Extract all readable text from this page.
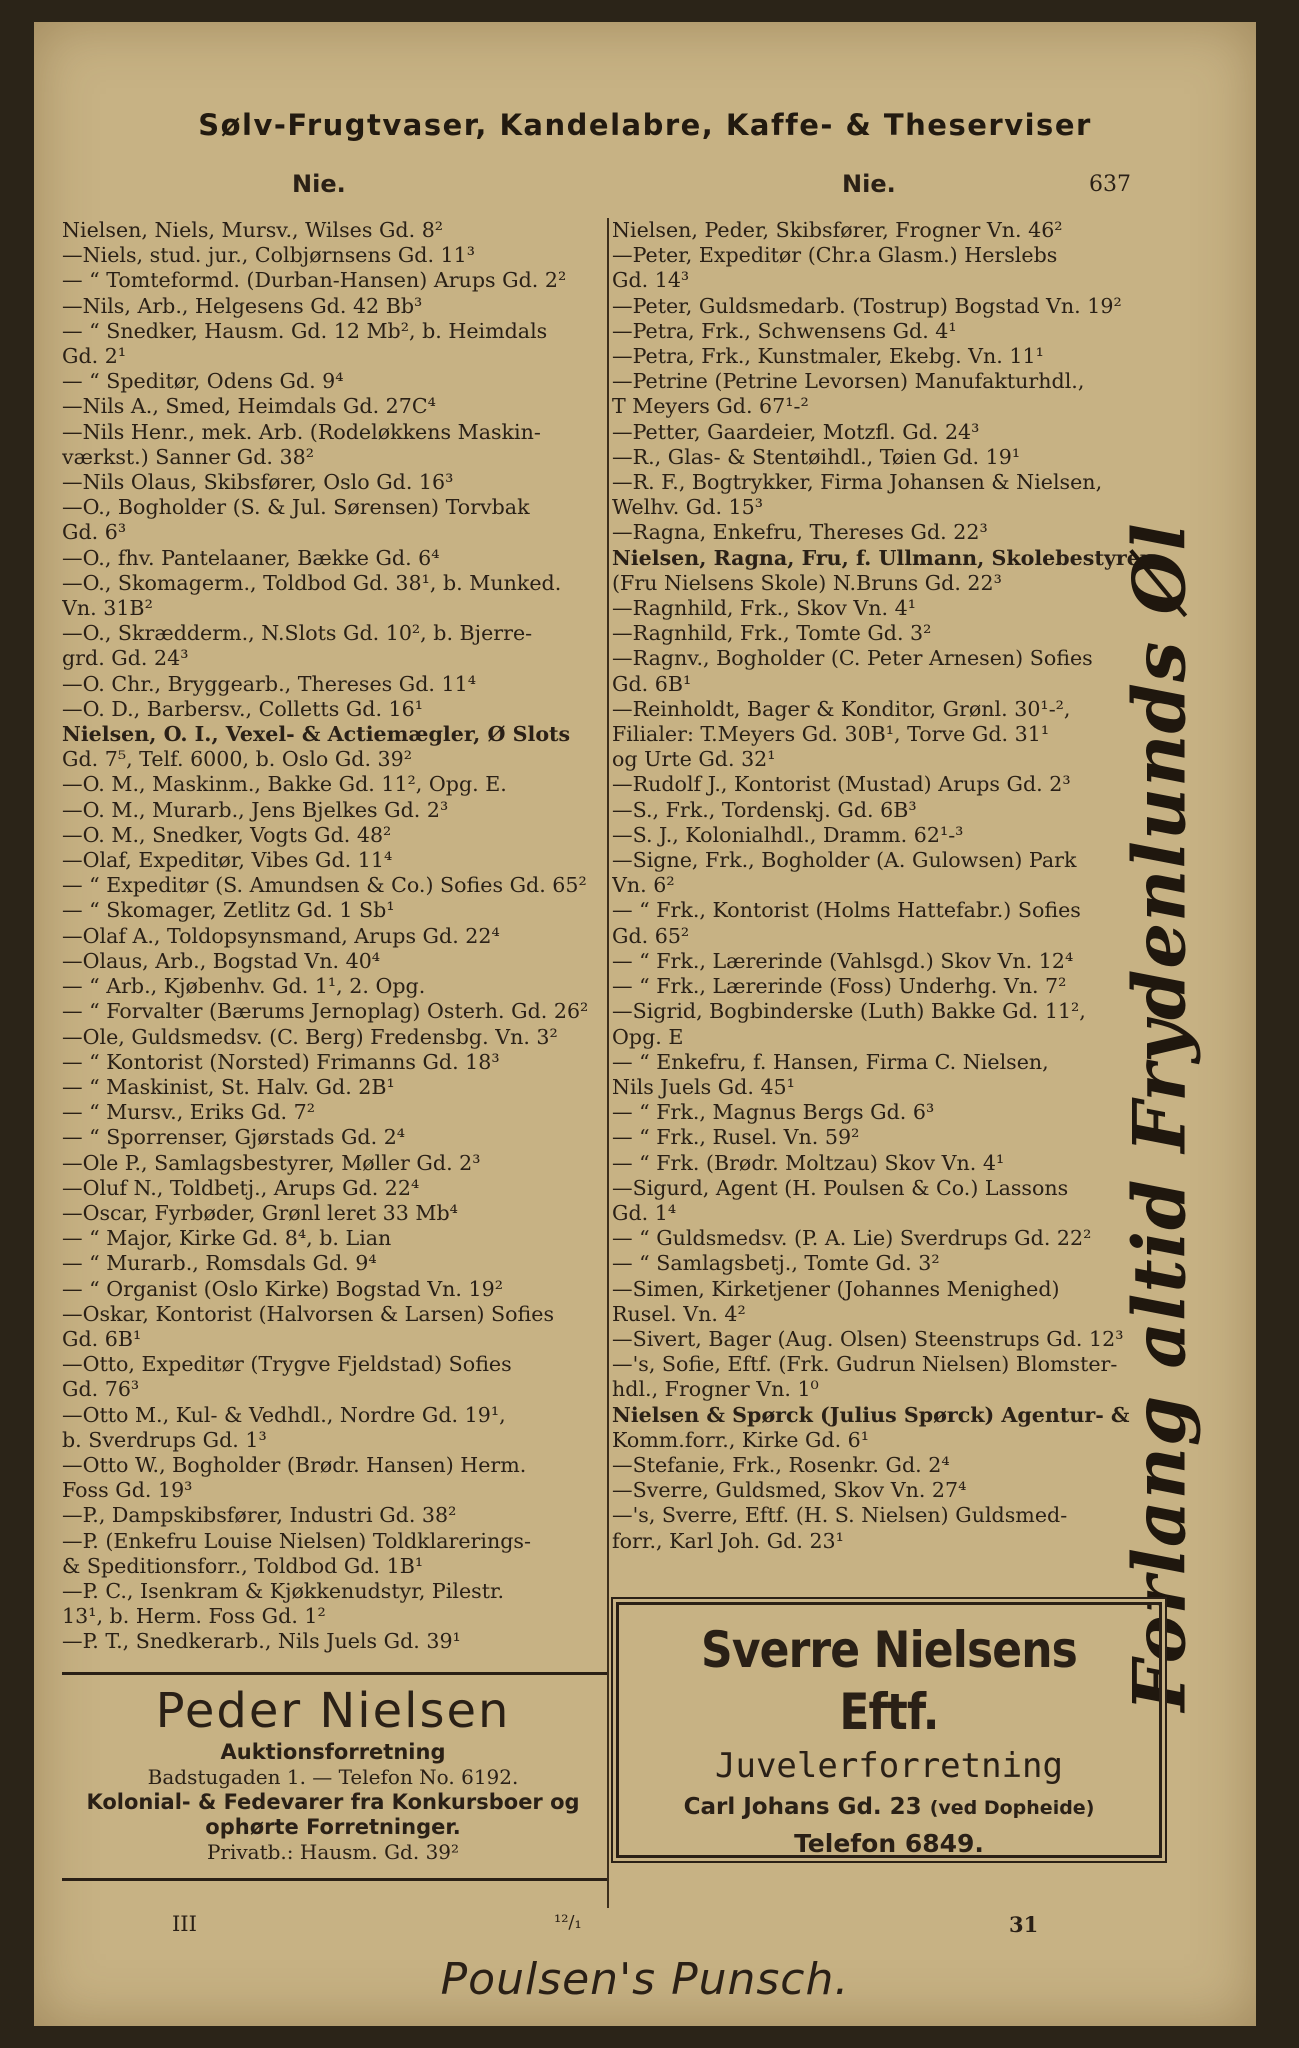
Sølv-Frugtvaser, Kandelabre, Kaffe- & Theserviser
Nie.	Nie.	637
Nielsen, Niels, Mursv., Wilses Gd. 8²
—Niels, stud. jur., Colbjørnsens Gd. 11³
— “ Tomteformd. (Durban-Hansen) Arups Gd. 2²
—Nils, Arb., Helgesens Gd. 42 Bb³
— “ Snedker, Hausm. Gd. 12 Mb², b. Heimdals
Gd. 2¹
— “ Speditør, Odens Gd. 9⁴
—Nils A., Smed, Heimdals Gd. 27C⁴
—Nils Henr., mek. Arb. (Rodeløkkens Maskin-
værkst.) Sanner Gd. 38²
—Nils Olaus, Skibsfører, Oslo Gd. 16³
—O., Bogholder (S. & Jul. Sørensen) Torvbak
Gd. 6³
—O., fhv. Pantelaaner, Bække Gd. 6⁴
—O., Skomagerm., Toldbod Gd. 38¹, b. Munked.
Vn. 31B²
—O., Skrædderm., N.Slots Gd. 10², b. Bjerre-
grd. Gd. 24³
—O. Chr., Bryggearb., Thereses Gd. 11⁴
—O. D., Barbersv., Colletts Gd. 16¹
Nielsen, O. I., Vexel- & Actiemægler, Ø Slots
Gd. 7⁵, Telf. 6000, b. Oslo Gd. 39²
—O. M., Maskinm., Bakke Gd. 11², Opg. E.
—O. M., Murarb., Jens Bjelkes Gd. 2³
—O. M., Snedker, Vogts Gd. 48²
—Olaf, Expeditør, Vibes Gd. 11⁴
— “ Expeditør (S. Amundsen & Co.) Sofies Gd. 65²
— “ Skomager, Zetlitz Gd. 1 Sb¹
—Olaf A., Toldopsynsmand, Arups Gd. 22⁴
—Olaus, Arb., Bogstad Vn. 40⁴
— “ Arb., Kjøbenhv. Gd. 1¹, 2. Opg.
— “ Forvalter (Bærums Jernoplag) Osterh. Gd. 26²
—Ole, Guldsmedsv. (C. Berg) Fredensbg. Vn. 3²
— “ Kontorist (Norsted) Frimanns Gd. 18³
— “ Maskinist, St. Halv. Gd. 2B¹
— “ Mursv., Eriks Gd. 7²
— “ Sporrenser, Gjørstads Gd. 2⁴
—Ole P., Samlagsbestyrer, Møller Gd. 2³
—Oluf N., Toldbetj., Arups Gd. 22⁴
—Oscar, Fyrbøder, Grønl leret 33 Mb⁴
— “ Major, Kirke Gd. 8⁴, b. Lian
— “ Murarb., Romsdals Gd. 9⁴
— “ Organist (Oslo Kirke) Bogstad Vn. 19²
—Oskar, Kontorist (Halvorsen & Larsen) Sofies
Gd. 6B¹
—Otto, Expeditør (Trygve Fjeldstad) Sofies
Gd. 76³
—Otto M., Kul- & Vedhdl., Nordre Gd. 19¹,
b. Sverdrups Gd. 1³
—Otto W., Bogholder (Brødr. Hansen) Herm.
Foss Gd. 19³
—P., Dampskibsfører, Industri Gd. 38²
—P. (Enkefru Louise Nielsen) Toldklarerings-
& Speditionsforr., Toldbod Gd. 1B¹
—P. C., Isenkram & Kjøkkenudstyr, Pilestr.
13¹, b. Herm. Foss Gd. 1²
—P. T., Snedkerarb., Nils Juels Gd. 39¹
Nielsen, Peder, Skibsfører, Frogner Vn. 46²
—Peter, Expeditør (Chr.a Glasm.) Herslebs
Gd. 14³
—Peter, Guldsmedarb. (Tostrup) Bogstad Vn. 19²
—Petra, Frk., Schwensens Gd. 4¹
—Petra, Frk., Kunstmaler, Ekebg. Vn. 11¹
—Petrine (Petrine Levorsen) Manufakturhdl.,
T Meyers Gd. 67¹-²
—Petter, Gaardeier, Motzfl. Gd. 24³
—R., Glas- & Stentøihdl., Tøien Gd. 19¹
—R. F., Bogtrykker, Firma Johansen & Nielsen,
Welhv. Gd. 15³
—Ragna, Enkefru, Thereses Gd. 22³
Nielsen, Ragna, Fru, f. Ullmann, Skolebestyrer
(Fru Nielsens Skole) N.Bruns Gd. 22³
—Ragnhild, Frk., Skov Vn. 4¹
—Ragnhild, Frk., Tomte Gd. 3²
—Ragnv., Bogholder (C. Peter Arnesen) Sofies
Gd. 6B¹
—Reinholdt, Bager & Konditor, Grønl. 30¹-²,
Filialer: T.Meyers Gd. 30B¹, Torve Gd. 31¹
og Urte Gd. 32¹
—Rudolf J., Kontorist (Mustad) Arups Gd. 2³
—S., Frk., Tordenskj. Gd. 6B³
—S. J., Kolonialhdl., Dramm. 62¹-³
—Signe, Frk., Bogholder (A. Gulowsen) Park
Vn. 6²
— “ Frk., Kontorist (Holms Hattefabr.) Sofies
Gd. 65²
— “ Frk., Lærerinde (Vahlsgd.) Skov Vn. 12⁴
— “ Frk., Lærerinde (Foss) Underhg. Vn. 7²
—Sigrid, Bogbinderske (Luth) Bakke Gd. 11²,
Opg. E
— “ Enkefru, f. Hansen, Firma C. Nielsen,
Nils Juels Gd. 45¹
— “ Frk., Magnus Bergs Gd. 6³
— “ Frk., Rusel. Vn. 59²
— “ Frk. (Brødr. Moltzau) Skov Vn. 4¹
—Sigurd, Agent (H. Poulsen & Co.) Lassons
Gd. 1⁴
— “ Guldsmedsv. (P. A. Lie) Sverdrups Gd. 22²
— “ Samlagsbetj., Tomte Gd. 3²
—Simen, Kirketjener (Johannes Menighed)
Rusel. Vn. 4²
—Sivert, Bager (Aug. Olsen) Steenstrups Gd. 12³
—'s, Sofie, Eftf. (Frk. Gudrun Nielsen) Blomster-
hdl., Frogner Vn. 1⁰
Nielsen & Spørck (Julius Spørck) Agentur- &
Komm.forr., Kirke Gd. 6¹
—Stefanie, Frk., Rosenkr. Gd. 2⁴
—Sverre, Guldsmed, Skov Vn. 27⁴
—'s, Sverre, Eftf. (H. S. Nielsen) Guldsmed-
forr., Karl Joh. Gd. 23¹	Forlang altid Frydenlunds Øl
Peder Nielsen
Auktionsforretning
Badstugaden 1. — Telefon No. 6192.
Kolonial- & Fedevarer fra Konkursboer og
ophørte Forretninger.
Privatb.: Hausm. Gd. 39²
Sverre Nielsens Eftf.
Juvelerforretning
Carl Johans Gd. 23 (ved Dopheide)
Telefon 6849.
III	¹²/₁	31
Poulsen's Punsch.
